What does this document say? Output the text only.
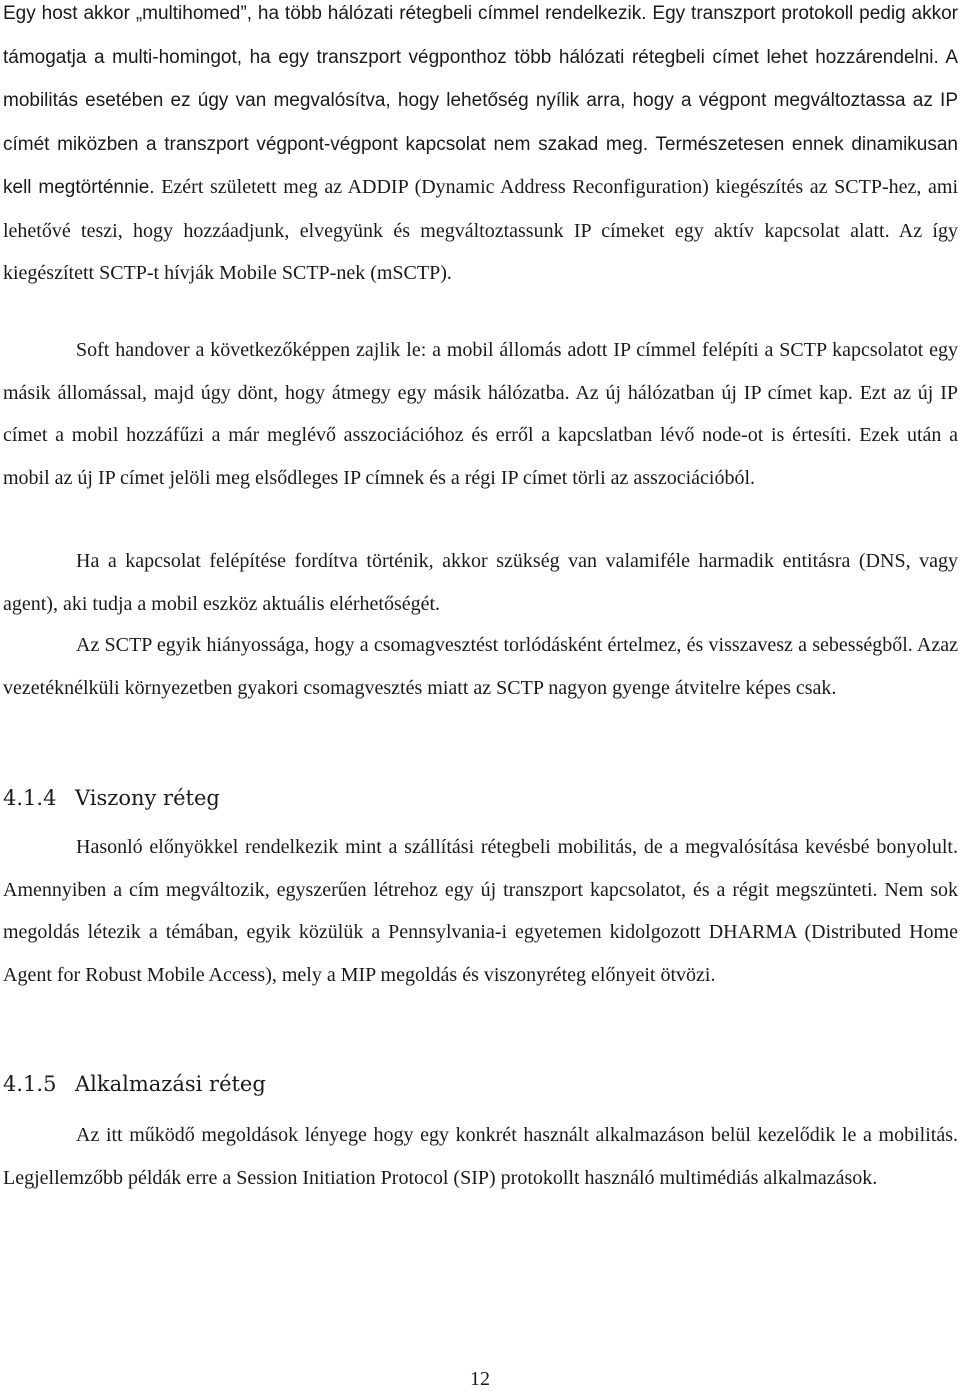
Egy host akkor „multihomed”, ha több hálózati rétegbeli címmel rendelkezik. Egy transzport protokoll pedig akkor támogatja a multi-homingot, ha egy transzport végponthoz több hálózati rétegbeli címet lehet hozzárendelni. A mobilitás esetében ez úgy van megvalósítva, hogy lehetőség nyílik arra, hogy a végpont megváltoztassa az IP címét miközben a transzport végpont-végpont kapcsolat nem szakad meg. Természetesen ennek dinamikusan kell megtörténnie. Ezért született meg az ADDIP (Dynamic Address Reconfiguration) kiegészítés az SCTP-hez, ami lehetővé teszi, hogy hozzáadjunk, elvegyünk és megváltoztassunk IP címeket egy aktív kapcsolat alatt. Az így kiegészített SCTP-t hívják Mobile SCTP-nek (mSCTP).

Soft handover a következőképpen zajlik le: a mobil állomás adott IP címmel felépíti a SCTP kapcsolatot egy másik állomással, majd úgy dönt, hogy átmegy egy másik hálózatba. Az új hálózatban új IP címet kap. Ezt az új IP címet a mobil hozzáfűzi a már meglévő asszociációhoz és erről a kapcslatban lévő node-ot is értesíti. Ezek után a mobil az új IP címet jelöli meg elsődleges IP címnek és a régi IP címet törli az asszociációból.

Ha a kapcsolat felépítése fordítva történik, akkor szükség van valamiféle harmadik entitásra (DNS, vagy agent), aki tudja a mobil eszköz aktuális elérhetőségét.

Az SCTP egyik hiányossága, hogy a csomagvesztést torlódásként értelmez, és visszavesz a sebességből. Azaz vezetéknélküli környezetben gyakori csomagvesztés miatt az SCTP nagyon gyenge átvitelre képes csak.

4.1.4 Viszony réteg

Hasonló előnyökkel rendelkezik mint a szállítási rétegbeli mobilitás, de a megvalósítása kevésbé bonyolult. Amennyiben a cím megváltozik, egyszerűen létrehoz egy új transzport kapcsolatot, és a régit megszünteti. Nem sok megoldás létezik a témában, egyik közülük a Pennsylvania-i egyetemen kidolgozott DHARMA (Distributed Home Agent for Robust Mobile Access), mely a MIP megoldás és viszonyréteg előnyeit ötvözi.

4.1.5 Alkalmazási réteg

Az itt működő megoldások lényege hogy egy konkrét használt alkalmazáson belül kezelődik le a mobilitás. Legjellemzőbb példák erre a Session Initiation Protocol (SIP) protokollt használó multimédiás alkalmazások.

12
